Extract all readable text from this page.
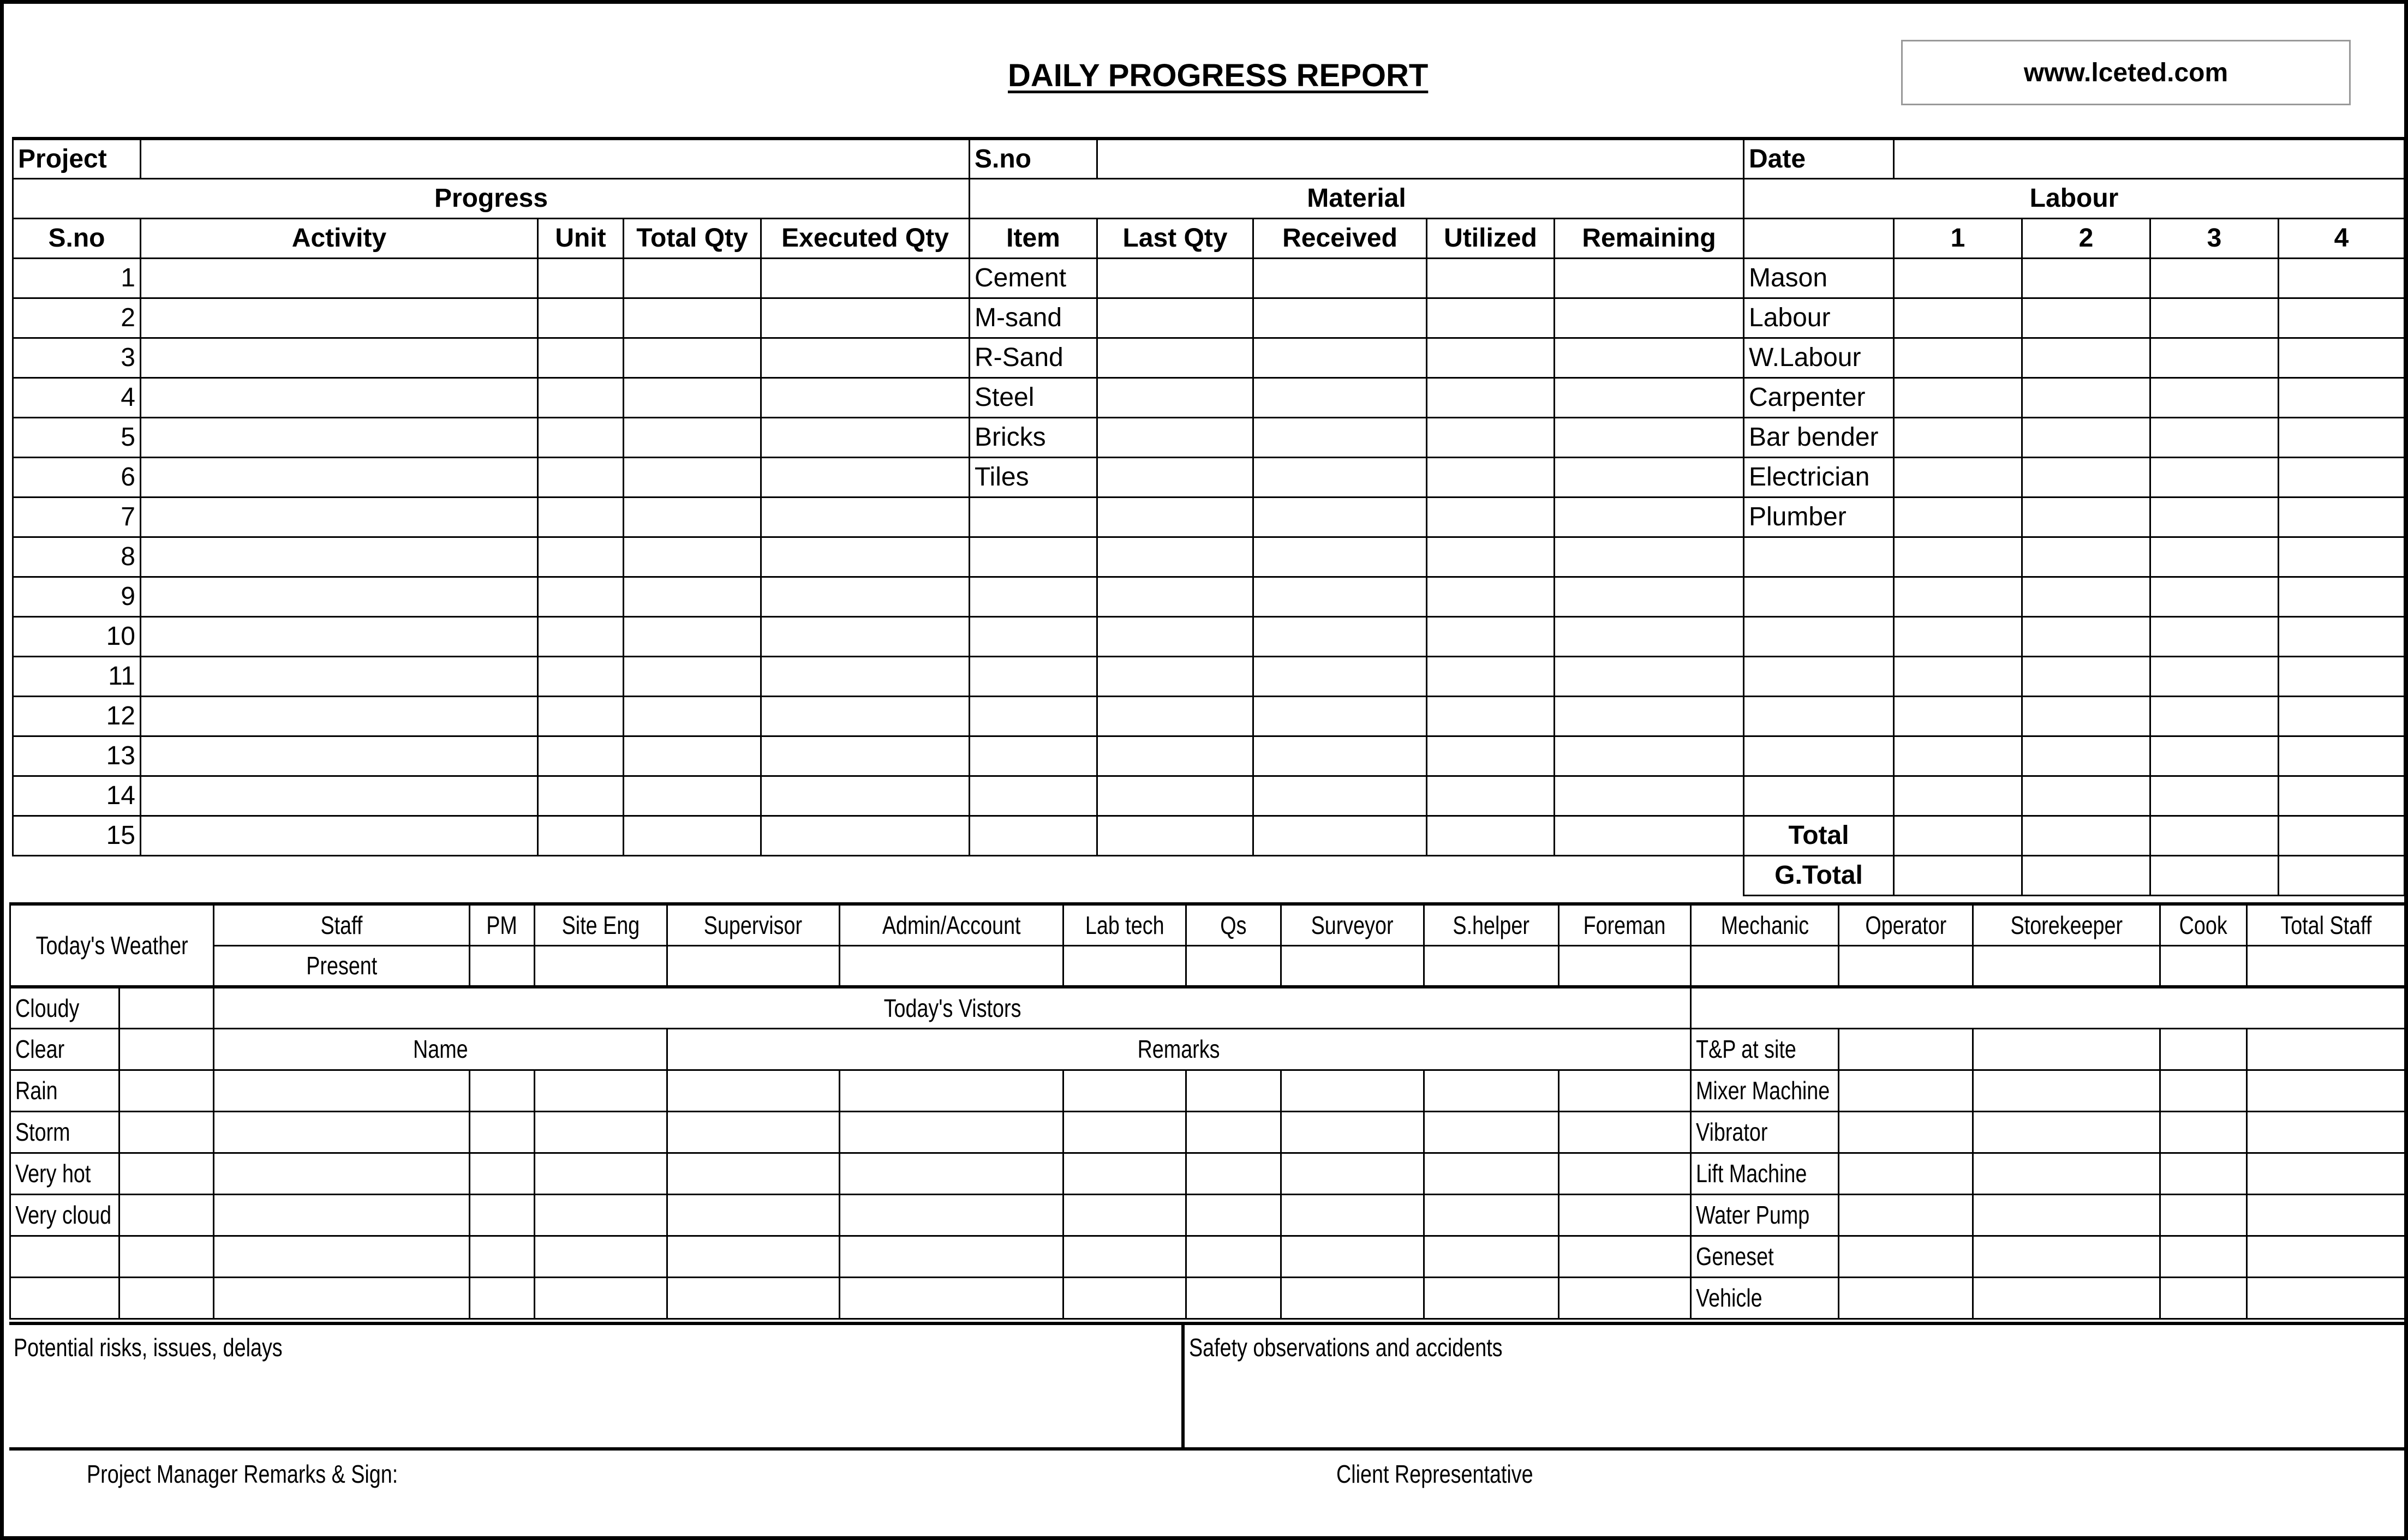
DAILY PROGRESS REPORT	www.lceted.com
Project					S.no					Date				
Progress					Material					Labour				
S.no	Activity	Unit	Total Qty	Executed Qty	Item	Last Qty	Received	Utilized	Remaining		1	2	3	4
1					Cement					Mason				
2					M-sand					Labour				
3					R-Sand					W.Labour				
4					Steel					Carpenter				
5					Bricks					Bar bender				
6					Tiles					Electrician				
7										Plumber				
8														
9														
10														
11														
12														
13														
14														
15										Total				
										G.Total				
Today's Weather		Staff	PM	Site Eng	Supervisor	Admin/Account	Lab tech	Qs	Surveyor	S.helper	Foreman	Mechanic	Operator	Storekeeper	Cook	Total Staff
		Present														
Cloudy		Today's Vistors														
Clear		Name			Remarks							T&P at site				
Rain												Mixer Machine				
Storm												Vibrator				
Very hot												Lift Machine				
Very cloud												Water Pump				
												Geneset				
												Vehicle				
Potential risks, issues, delays	Safety observations and accidents
Project Manager Remarks & Sign:	Client Representative
